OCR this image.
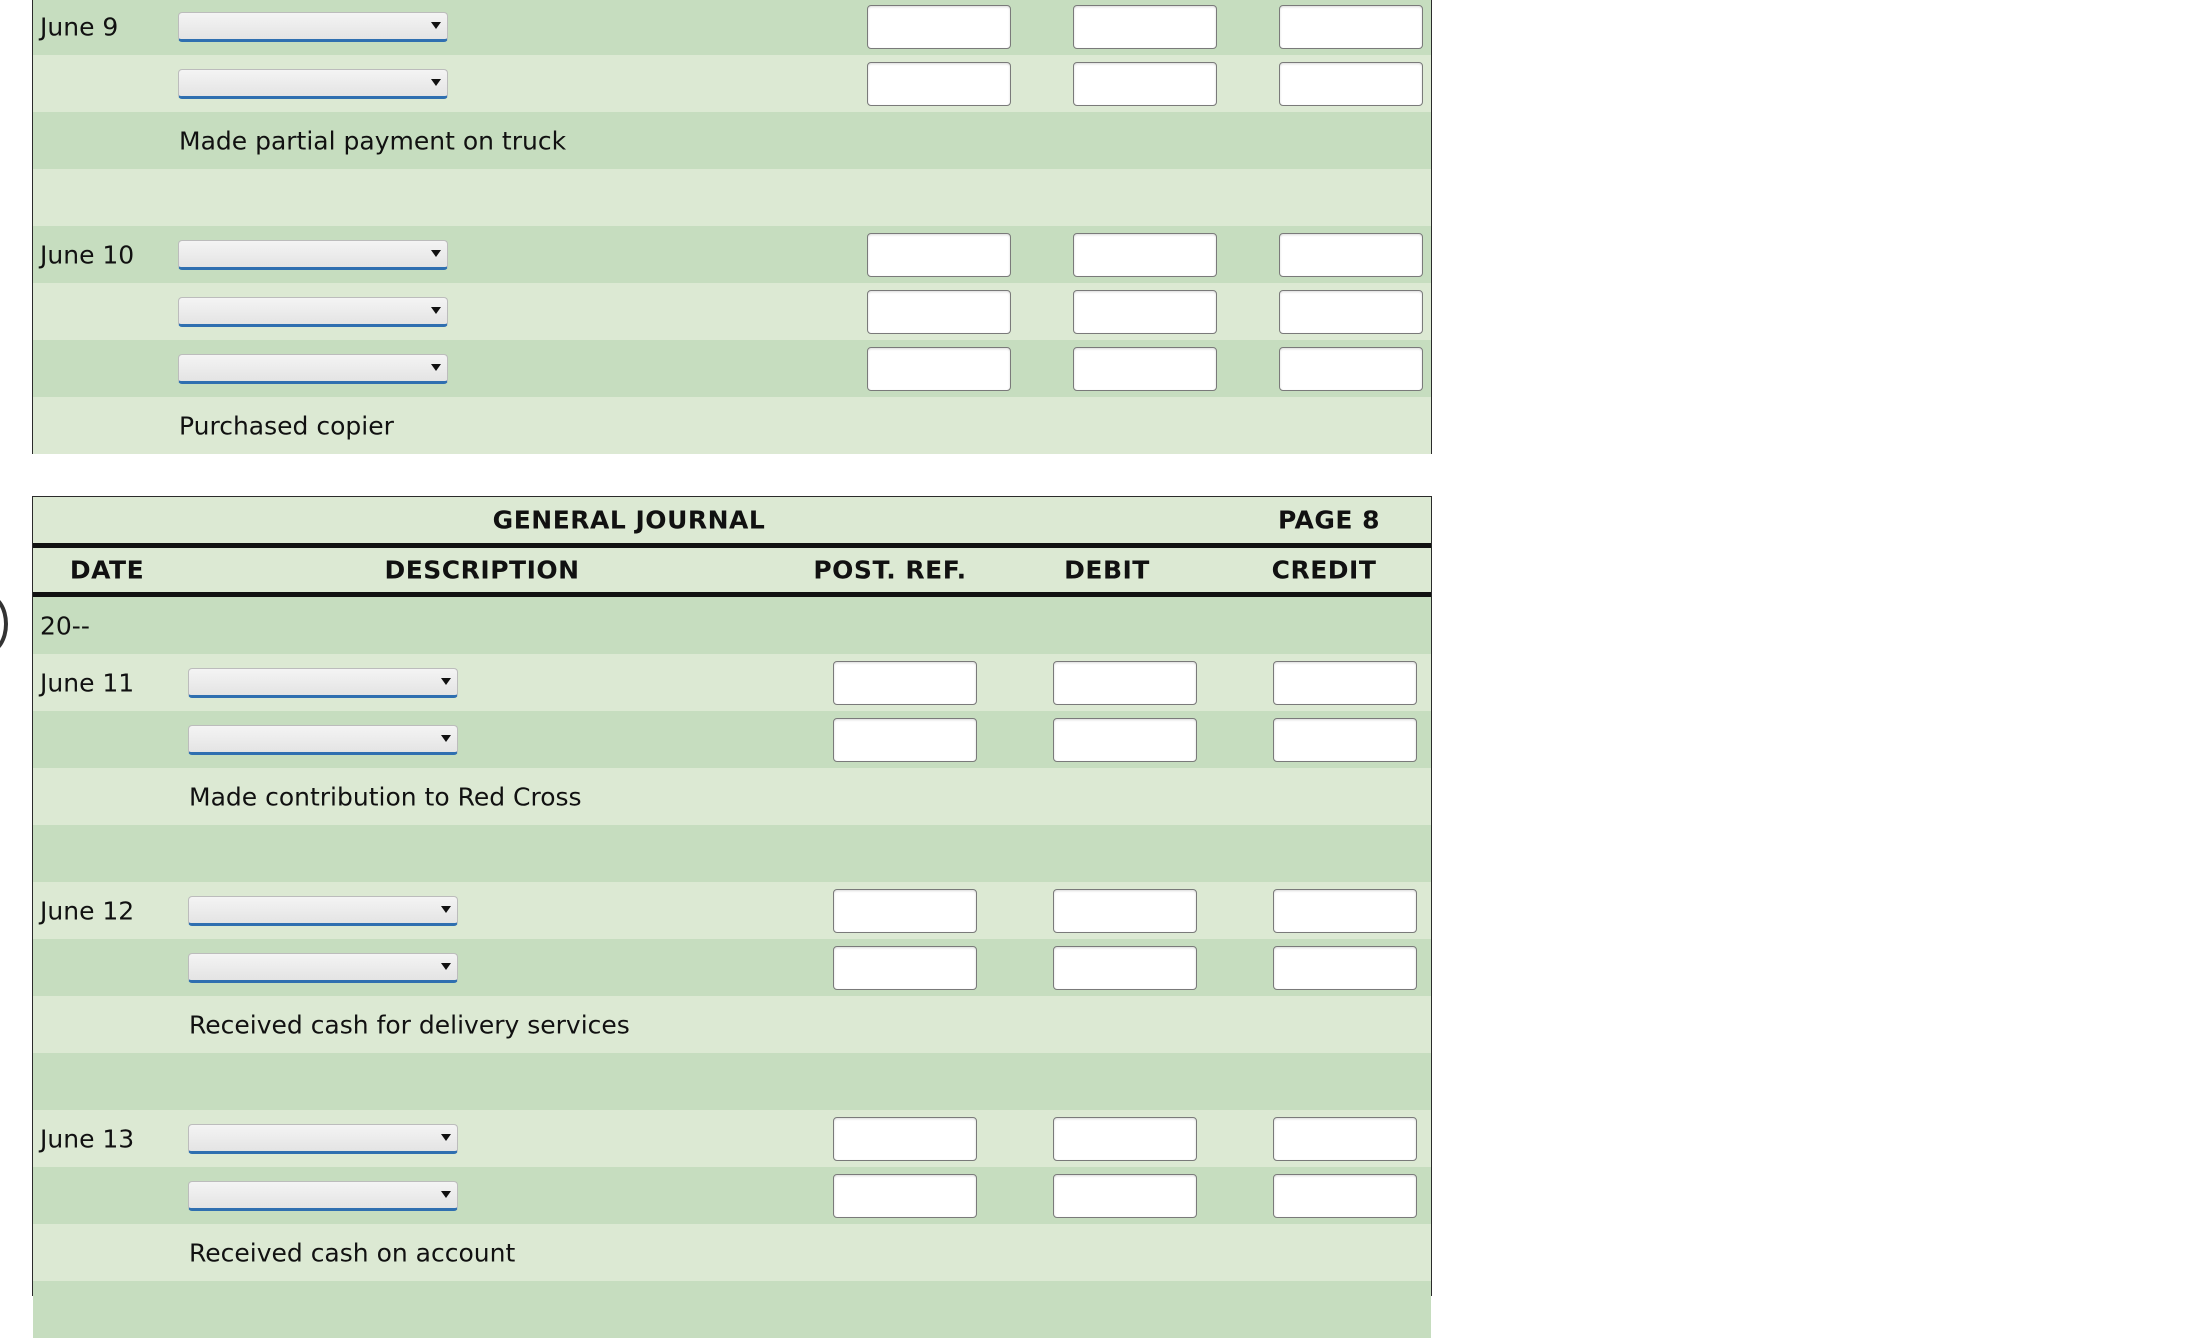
June 9
Made partial payment on truck
June 10
Purchased copier
GENERAL JOURNAL	PAGE 8
DATE	DESCRIPTION	POST. REF.	DEBIT	CREDIT
20--
June 11
Made contribution to Red Cross
June 12
Received cash for delivery services
June 13
Received cash on account
